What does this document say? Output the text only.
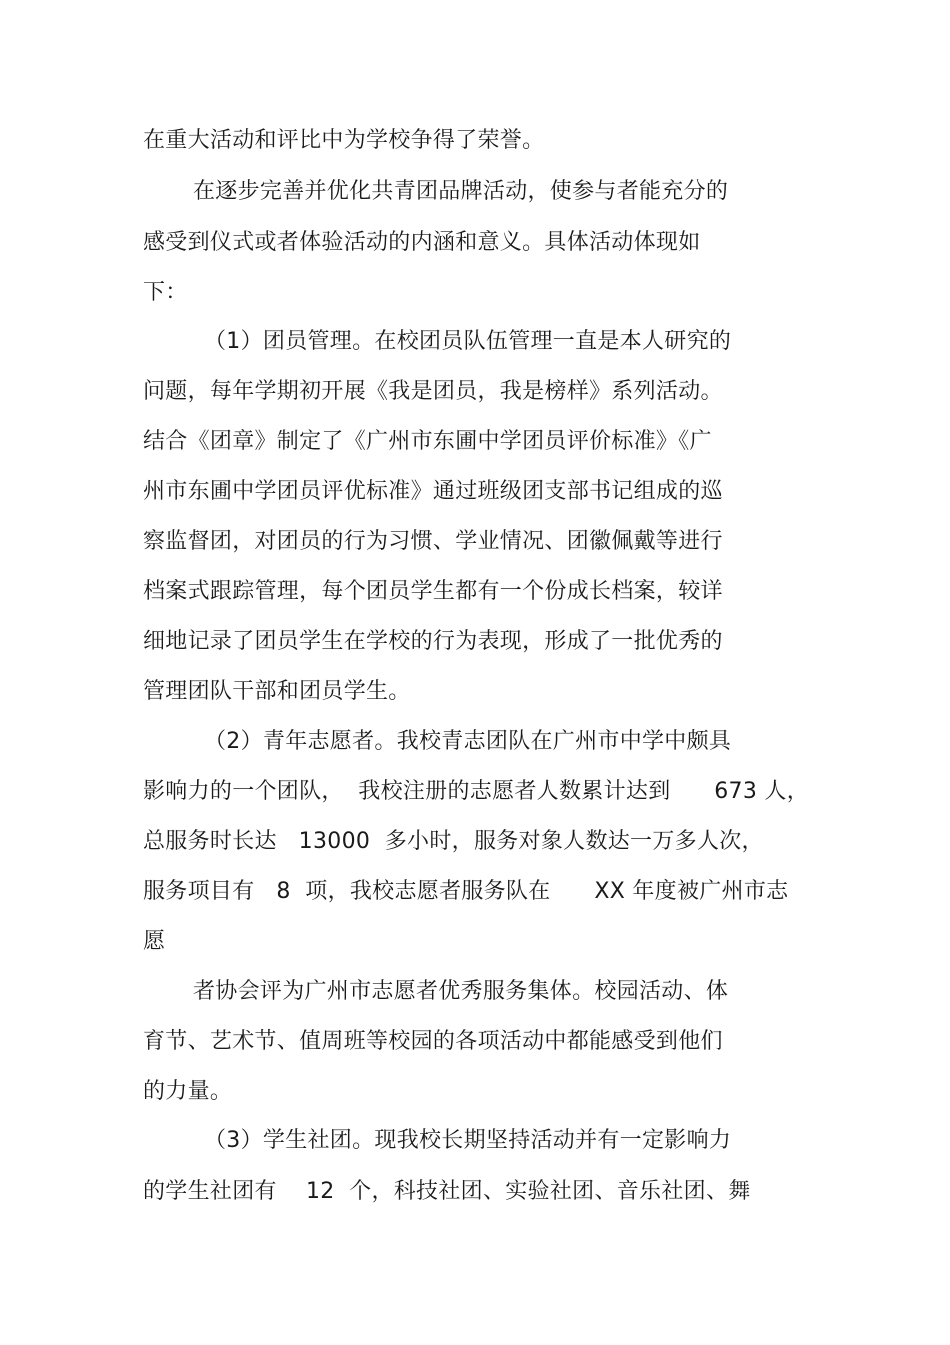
在重大活动和评比中为学校争得了荣誉。
在逐步完善并优化共青团品牌活动，使参与者能充分的
感受到仪式或者体验活动的内涵和意义。具体活动体现如
下：
（1）团员管理。在校团员队伍管理一直是本人研究的
问题，每年学期初开展《我是团员，我是榜样》系列活动。
结合《团章》制定了《广州市东圃中学团员评价标准》《广
州市东圃中学团员评优标准》通过班级团支部书记组成的巡
察监督团，对团员的行为习惯、学业情况、团徽佩戴等进行
档案式跟踪管理，每个团员学生都有一个份成长档案，较详
细地记录了团员学生在学校的行为表现，形成了一批优秀的
管理团队干部和团员学生。
（2）青年志愿者。我校青志团队在广州市中学中颇具
影响力的一个团队，  我校注册的志愿者人数累计达到      673 人，
总服务时长达   13000  多小时，服务对象人数达一万多人次，
服务项目有   8  项，我校志愿者服务队在      XX 年度被广州市志
愿
者协会评为广州市志愿者优秀服务集体。校园活动、体
育节、艺术节、值周班等校园的各项活动中都能感受到他们
的力量。
（3）学生社团。现我校长期坚持活动并有一定影响力
的学生社团有    12  个，科技社团、实验社团、音乐社团、舞
